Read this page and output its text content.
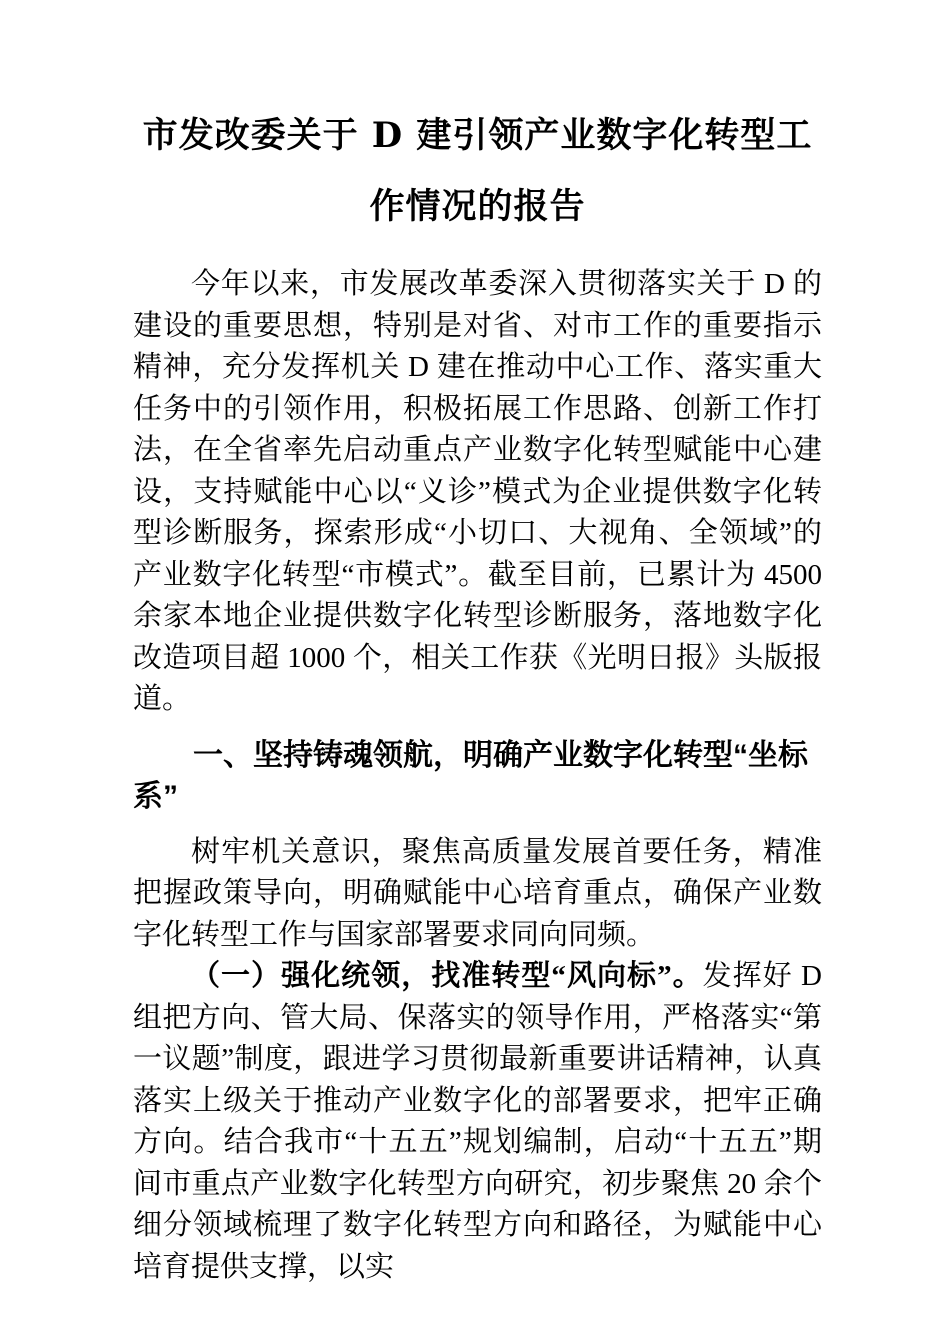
市发改委关于 D 建引领产业数字化转型工作情况的报告

今年以来，市发展改革委深入贯彻落实关于 D 的建设的重要思想，特别是对省、对市工作的重要指示精神，充分发挥机关 D 建在推动中心工作、落实重大任务中的引领作用，积极拓展工作思路、创新工作打法，在全省率先启动重点产业数字化转型赋能中心建设，支持赋能中心以“义诊”模式为企业提供数字化转型诊断服务，探索形成“小切口、大视角、全领域”的产业数字化转型“市模式”。截至目前，已累计为 4500 余家本地企业提供数字化转型诊断服务，落地数字化改造项目超 1000 个，相关工作获《光明日报》头版报道。

一、坚持铸魂领航，明确产业数字化转型“坐标系”

树牢机关意识，聚焦高质量发展首要任务，精准把握政策导向，明确赋能中心培育重点，确保产业数字化转型工作与国家部署要求同向同频。

（一）强化统领，找准转型“风向标”。发挥好 D 组把方向、管大局、保落实的领导作用，严格落实“第一议题”制度，跟进学习贯彻最新重要讲话精神，认真落实上级关于推动产业数字化的部署要求，把牢正确方向。结合我市“十五五”规划编制，启动“十五五”期间市重点产业数字化转型方向研究，初步聚焦 20 余个细分领域梳理了数字化转型方向和路径，为赋能中心培育提供支撑，以实
